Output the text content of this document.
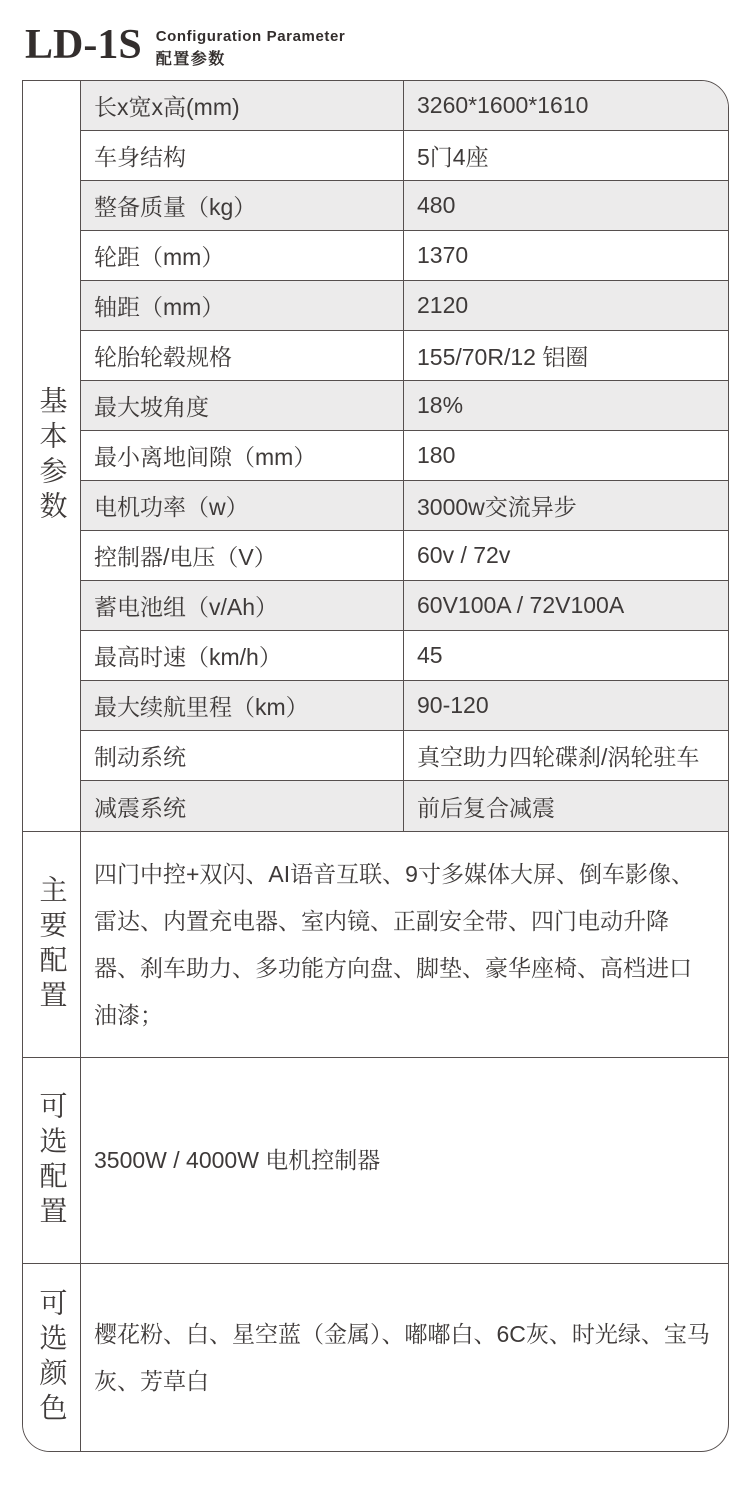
LD-1S Configuration Parameter
配置参数
基本参数
长x宽x高(mm)	3260*1600*1610
车身结构	5门4座
整备质量（kg）	480
轮距（mm）	1370
轴距（mm）	2120
轮胎轮毂规格	155/70R/12 铝圈
最大坡角度	18%
最小离地间隙（mm）	180
电机功率（w）	3000w交流异步
控制器/电压（V）	60v / 72v
蓄电池组（v/Ah）	60V100A / 72V100A
最高时速（km/h）	45
最大续航里程（km）	90-120
制动系统	真空助力四轮碟刹/涡轮驻车
减震系统	前后复合减震
主要配置
四门中控+双闪、AI语音互联、9寸多媒体大屏、倒车影像、雷达、内置充电器、室内镜、正副安全带、四门电动升降器、刹车助力、多功能方向盘、脚垫、豪华座椅、高档进口油漆；
可选配置	3500W / 4000W 电机控制器
可选颜色	樱花粉、白、星空蓝（金属）、嘟嘟白、6C灰、时光绿、宝马灰、芳草白
